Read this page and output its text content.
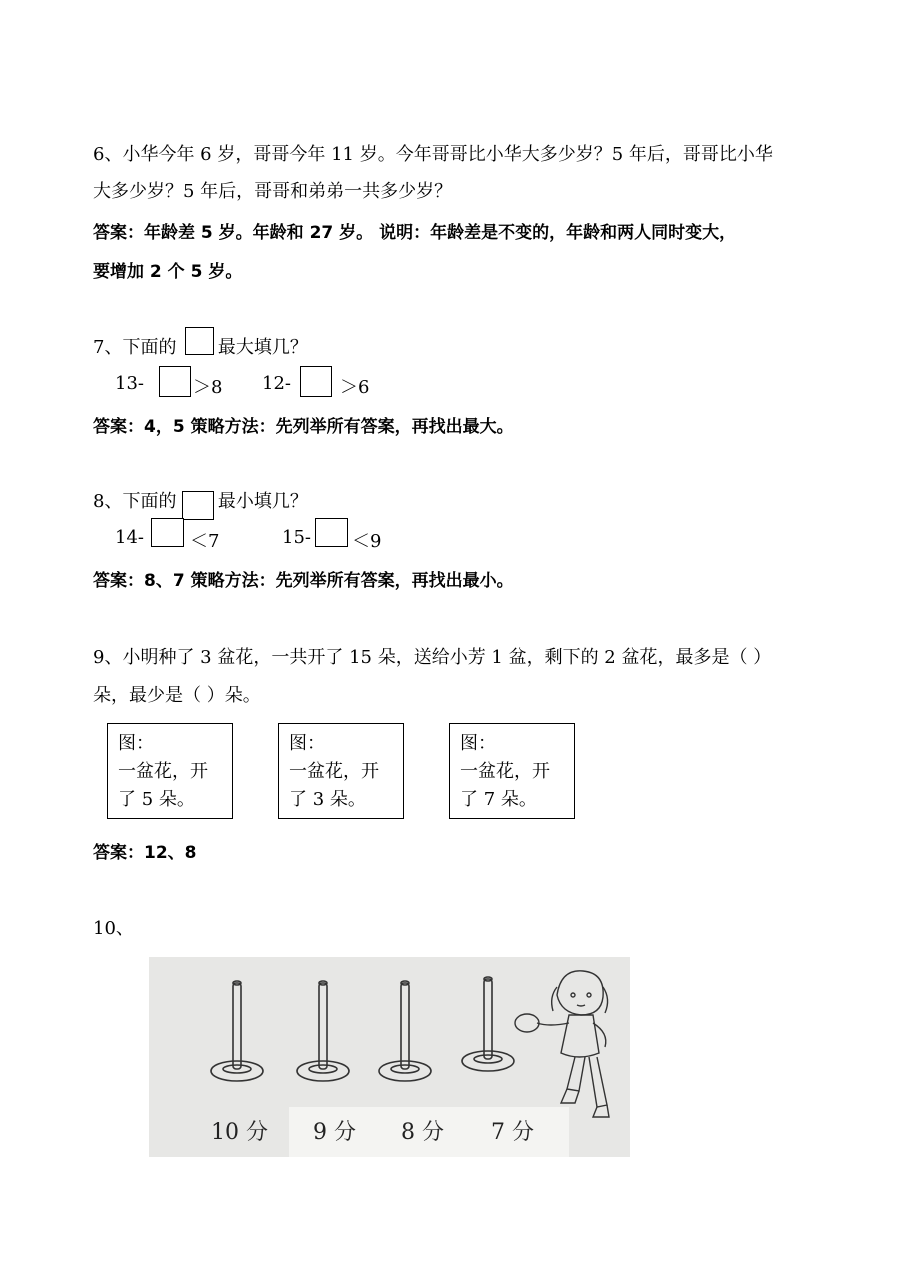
6、小华今年 6 岁，哥哥今年 11 岁。今年哥哥比小华大多少岁？5 年后，哥哥比小华
大多少岁？5 年后，哥哥和弟弟一共多少岁？
答案：年龄差 5 岁。年龄和 27 岁。 说明：年龄差是不变的，年龄和两人同时变大，
要增加 2 个 5 岁。
7、下面的 最大填几？
13-	＞8 12-	＞6
答案：4，5 策略方法：先列举所有答案，再找出最大。
8、下面的 最小填几？
14-	＜7	15- ＜9
答案：8、7 策略方法：先列举所有答案，再找出最小。
9、小明种了 3 盆花，一共开了 15 朵，送给小芳 1 盆，剩下的 2 盆花，最多是（ ）
朵，最少是（ ）朵。
图：
一盆花，开
了 5 朵。
图：
一盆花，开
了 3 朵。
图：
一盆花，开
了 7 朵。
答案：12、8
10、
10 分 9 分 8 分 7 分
